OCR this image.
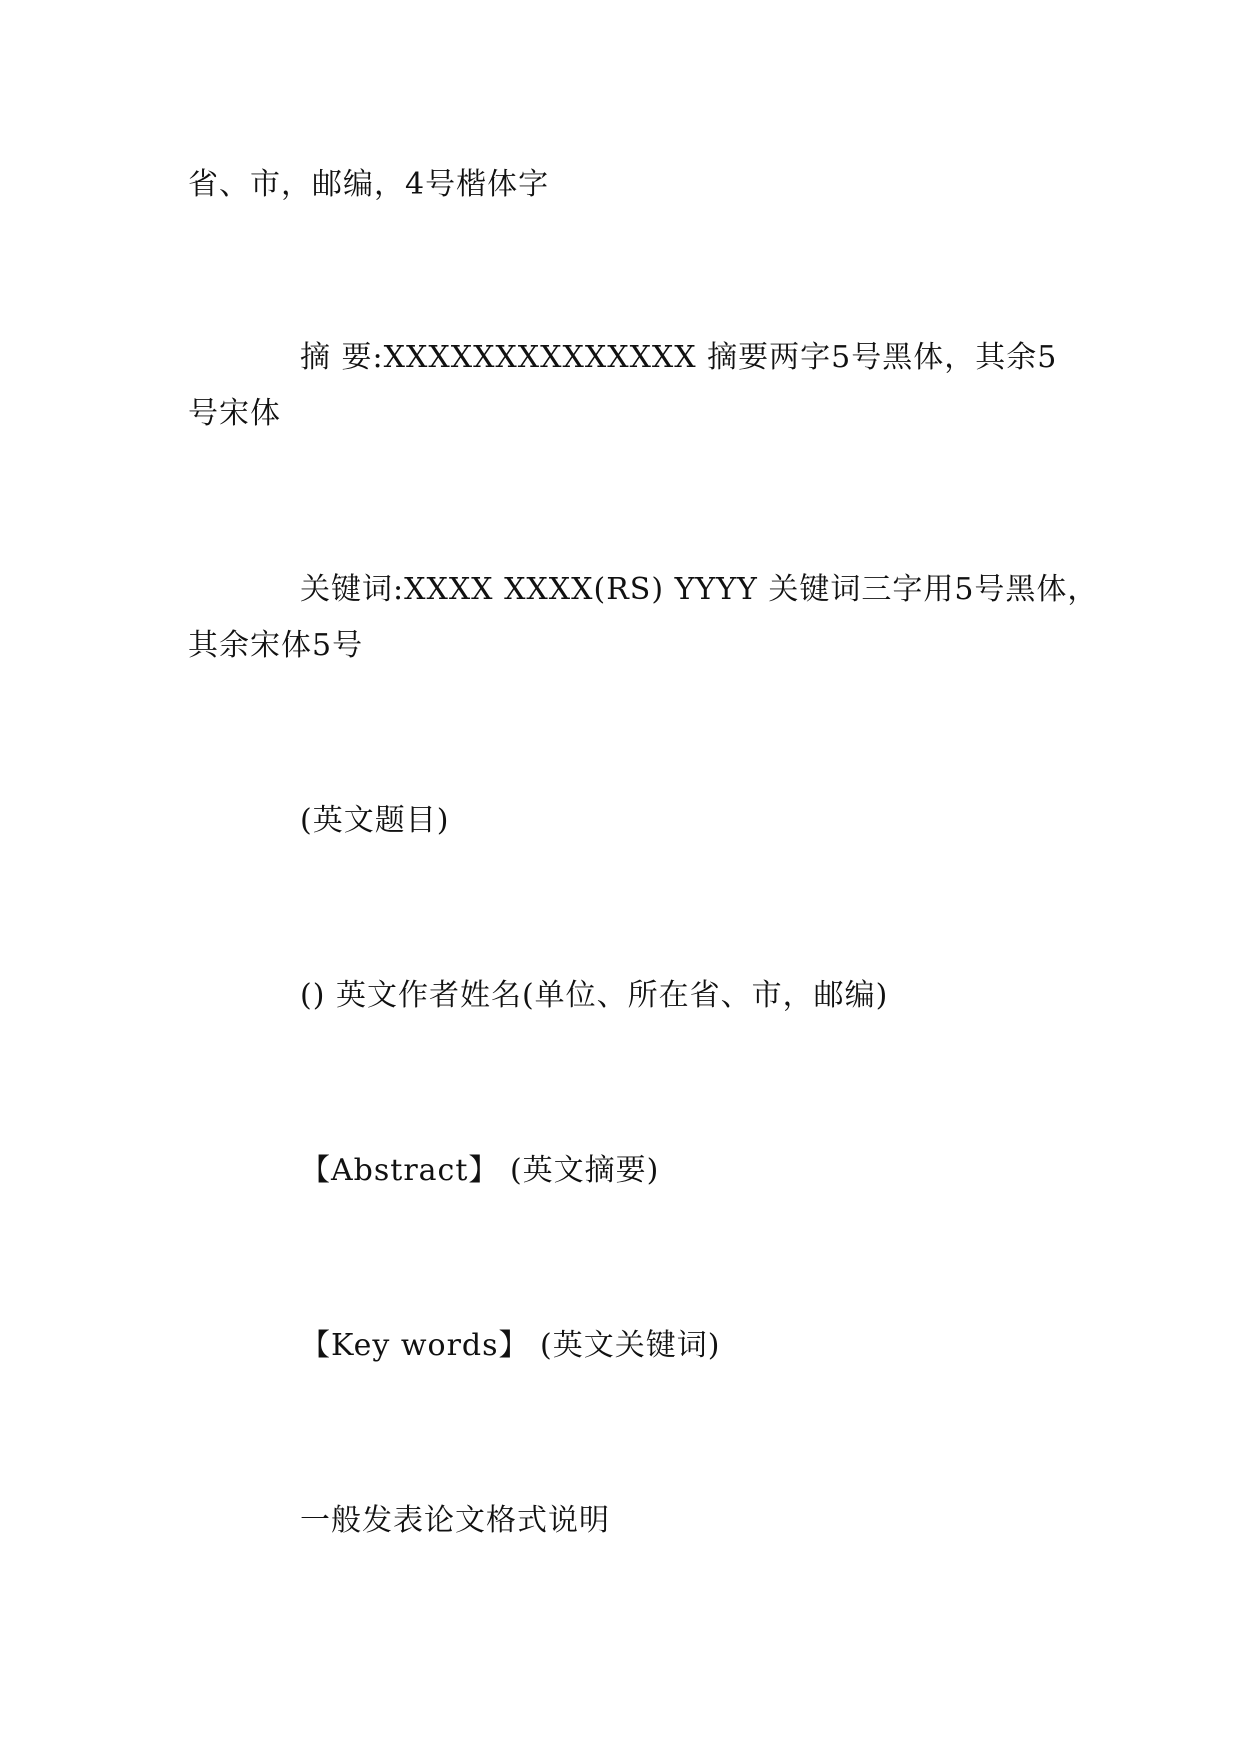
省、市，邮编，4号楷体字
摘 要:XXXXXXXXXXXXXX 摘要两字5号黑体，其余5
号宋体
关键词:XXXX XXXX(RS) YYYY 关键词三字用5号黑体，
其余宋体5号
(英文题目)
() 英文作者姓名(单位、所在省、市，邮编)
【Abstract】 (英文摘要)
【Key words】 (英文关键词)
一般发表论文格式说明
